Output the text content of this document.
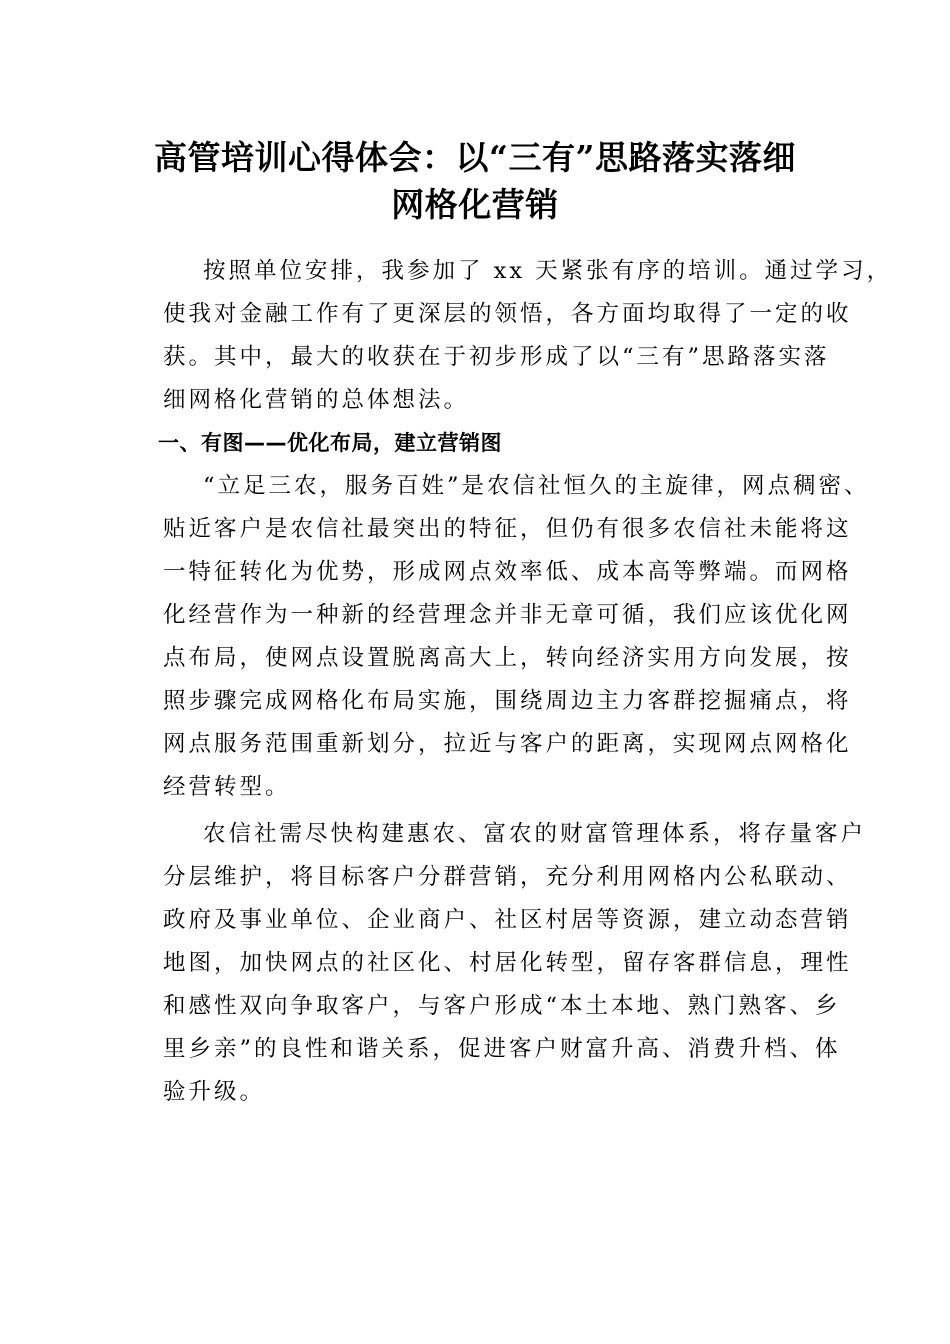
高管培训心得体会：以“三有”思路落实落细
网格化营销
按照单位安排，我参加了 xx 天紧张有序的培训。通过学习，
使我对金融工作有了更深层的领悟，各方面均取得了一定的收
获。其中，最大的收获在于初步形成了以“三有”思路落实落
细网格化营销的总体想法。
一、有图——优化布局，建立营销图
“立足三农，服务百姓”是农信社恒久的主旋律，网点稠密、
贴近客户是农信社最突出的特征，但仍有很多农信社未能将这
一特征转化为优势，形成网点效率低、成本高等弊端。而网格
化经营作为一种新的经营理念并非无章可循，我们应该优化网
点布局，使网点设置脱离高大上，转向经济实用方向发展，按
照步骤完成网格化布局实施，围绕周边主力客群挖掘痛点，将
网点服务范围重新划分，拉近与客户的距离，实现网点网格化
经营转型。
农信社需尽快构建惠农、富农的财富管理体系，将存量客户
分层维护，将目标客户分群营销，充分利用网格内公私联动、
政府及事业单位、企业商户、社区村居等资源，建立动态营销
地图，加快网点的社区化、村居化转型，留存客群信息，理性
和感性双向争取客户，与客户形成“本土本地、熟门熟客、乡
里乡亲”的良性和谐关系，促进客户财富升高、消费升档、体
验升级。
